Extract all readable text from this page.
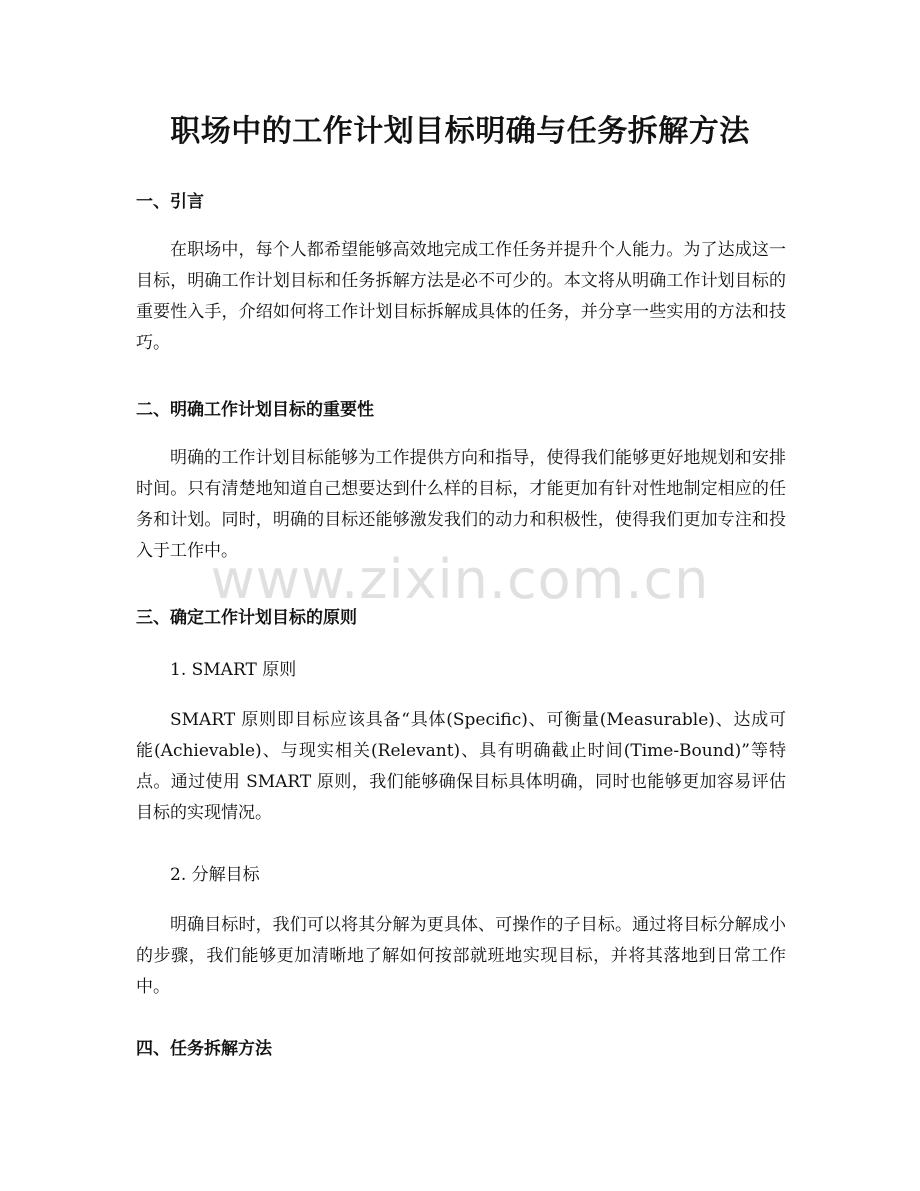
职场中的工作计划目标明确与任务拆解方法
一、引言

在职场中，每个人都希望能够高效地完成工作任务并提升个人能力。为了达成这一目标，明确工作计划目标和任务拆解方法是必不可少的。本文将从明确工作计划目标的重要性入手，介绍如何将工作计划目标拆解成具体的任务，并分享一些实用的方法和技巧。

二、明确工作计划目标的重要性

明确的工作计划目标能够为工作提供方向和指导，使得我们能够更好地规划和安排时间。只有清楚地知道自己想要达到什么样的目标，才能更加有针对性地制定相应的任务和计划。同时，明确的目标还能够激发我们的动力和积极性，使得我们更加专注和投入于工作中。

三、确定工作计划目标的原则

1. SMART 原则

SMART 原则即目标应该具备“具体(Specific)、可衡量(Measurable)、达成可能(Achievable)、与现实相关(Relevant)、具有明确截止时间(Time-Bound)”等特点。通过使用 SMART 原则，我们能够确保目标具体明确，同时也能够更加容易评估目标的实现情况。

2. 分解目标

明确目标时，我们可以将其分解为更具体、可操作的子目标。通过将目标分解成小的步骤，我们能够更加清晰地了解如何按部就班地实现目标，并将其落地到日常工作中。

四、任务拆解方法
www.zixin.com.cn
